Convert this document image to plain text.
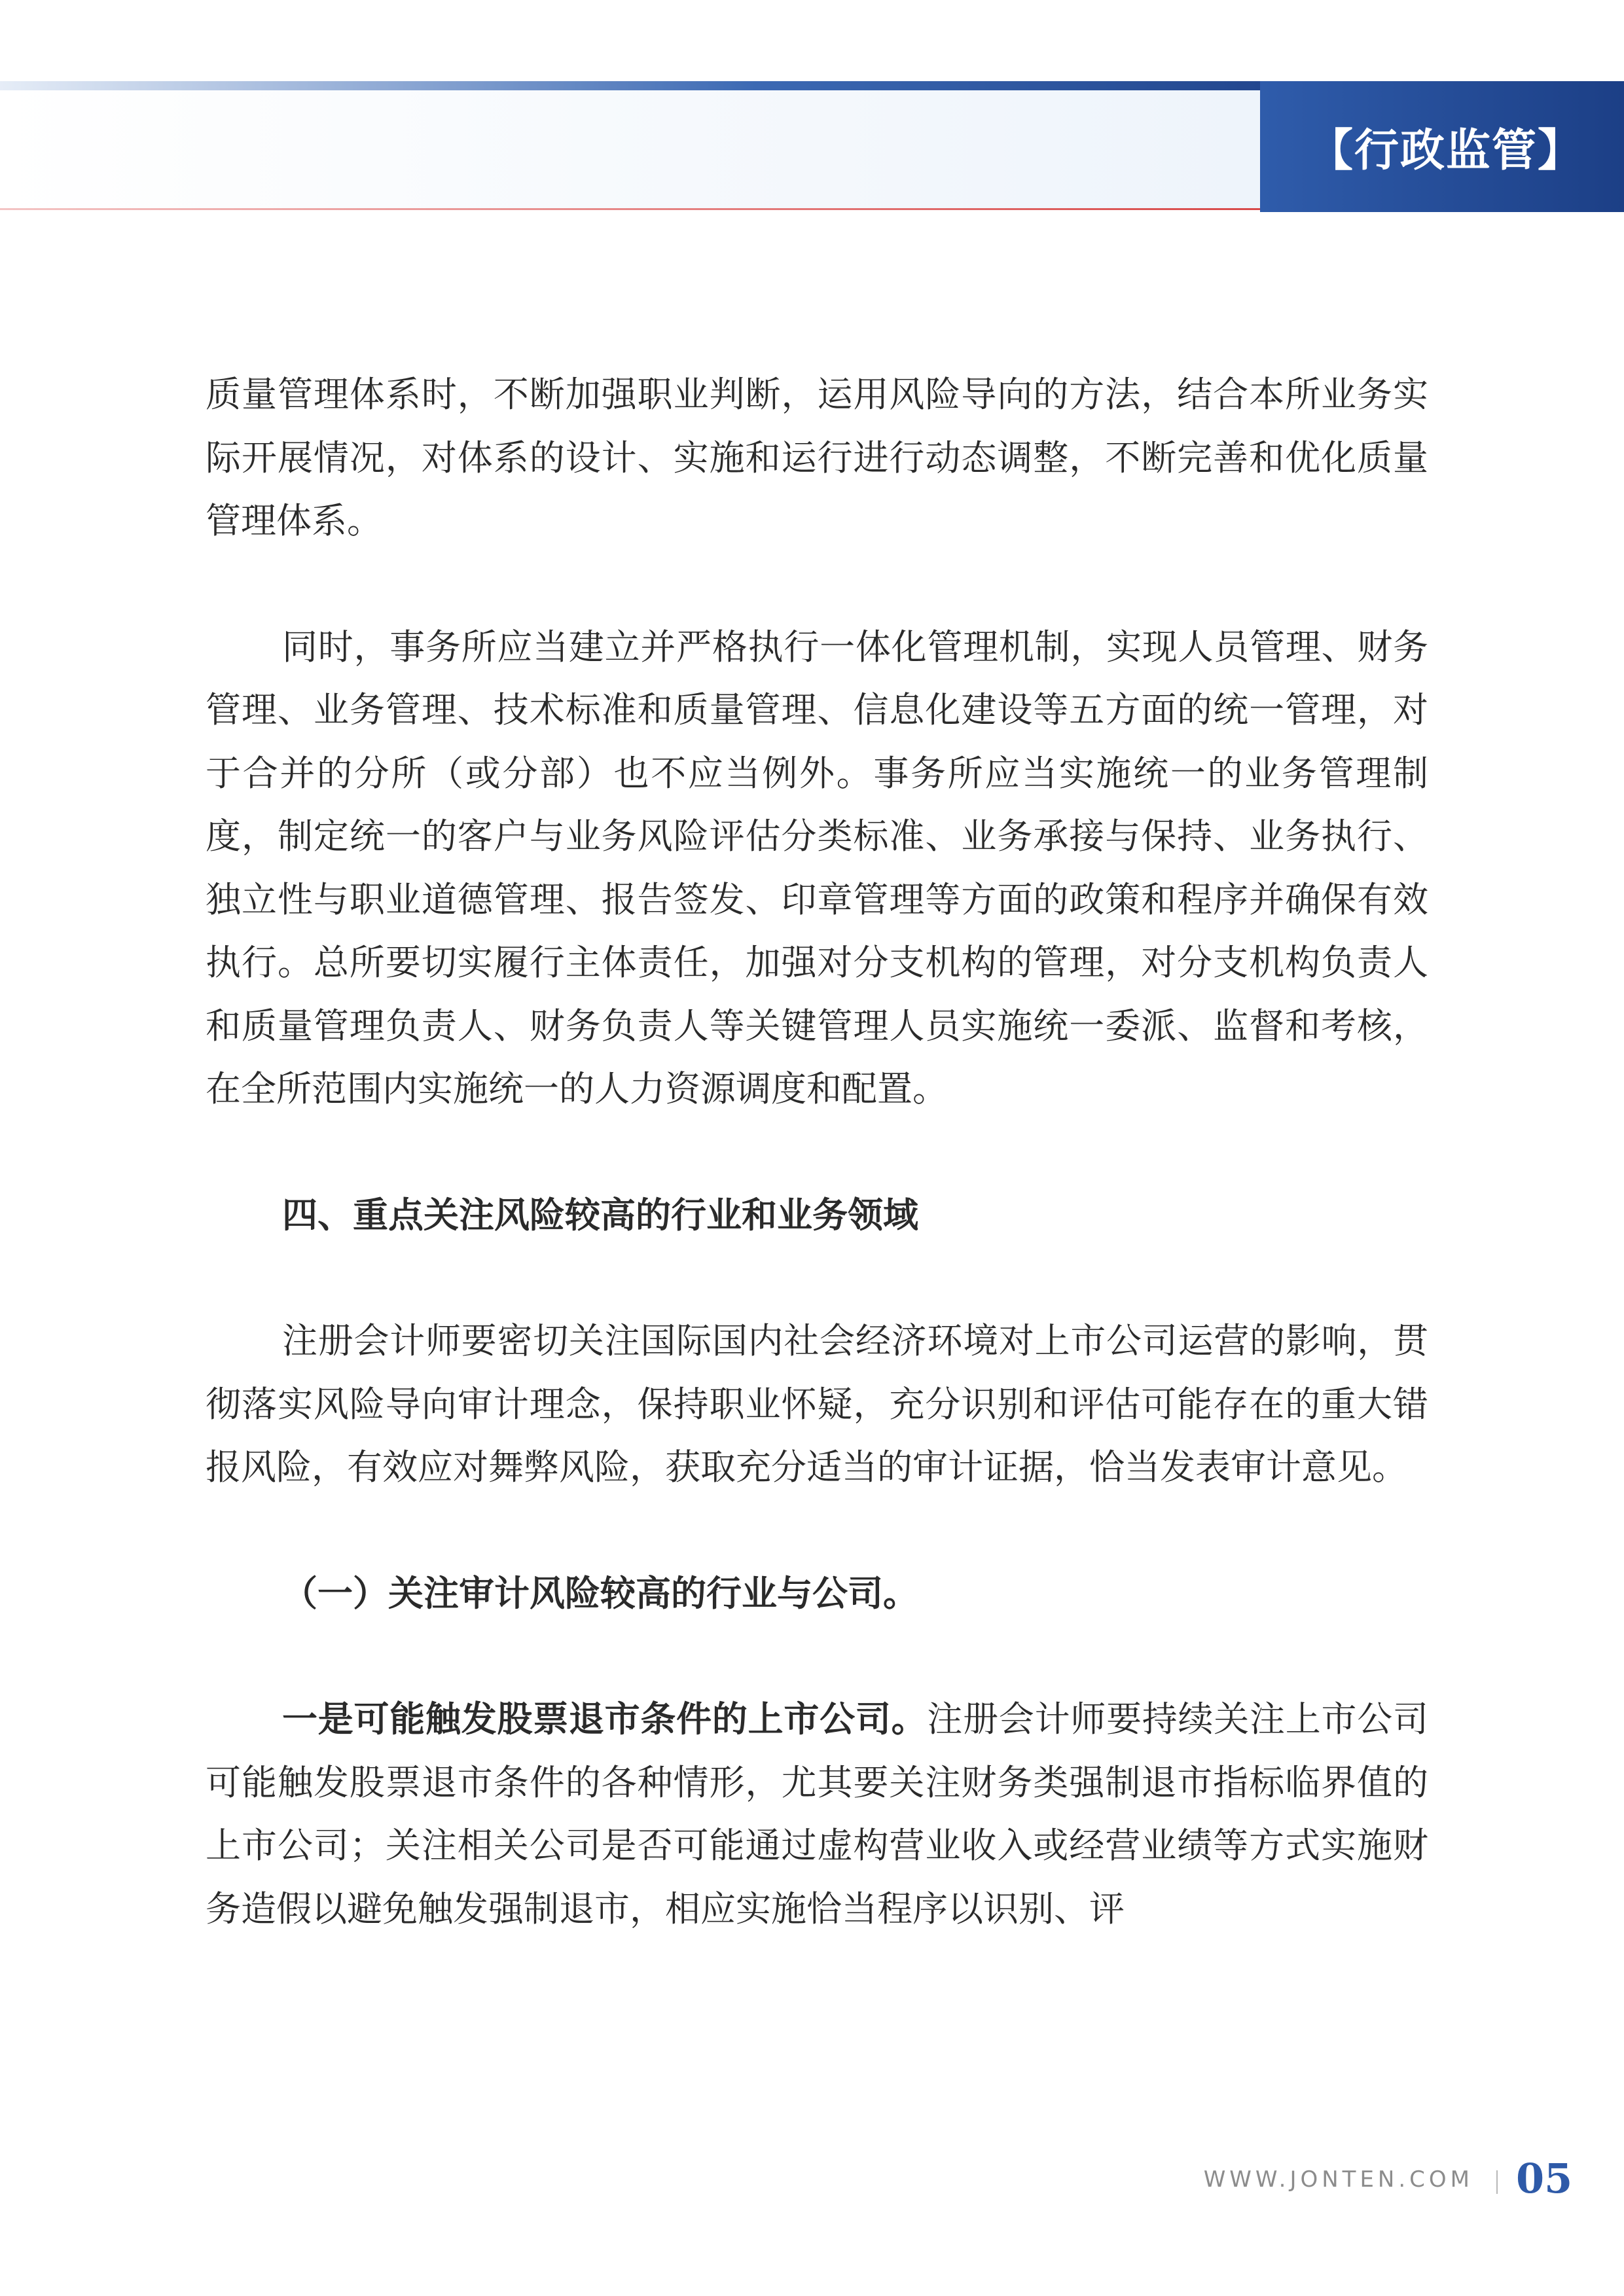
【行政监管】

质量管理体系时，不断加强职业判断，运用风险导向的方法，结合本所业务实际开展情况，对体系的设计、实施和运行进行动态调整，不断完善和优化质量管理体系。

同时，事务所应当建立并严格执行一体化管理机制，实现人员管理、财务管理、业务管理、技术标准和质量管理、信息化建设等五方面的统一管理，对于合并的分所（或分部）也不应当例外。事务所应当实施统一的业务管理制度，制定统一的客户与业务风险评估分类标准、业务承接与保持、业务执行、独立性与职业道德管理、报告签发、印章管理等方面的政策和程序并确保有效执行。总所要切实履行主体责任，加强对分支机构的管理，对分支机构负责人和质量管理负责人、财务负责人等关键管理人员实施统一委派、监督和考核，在全所范围内实施统一的人力资源调度和配置。

四、重点关注风险较高的行业和业务领域

注册会计师要密切关注国际国内社会经济环境对上市公司运营的影响，贯彻落实风险导向审计理念，保持职业怀疑，充分识别和评估可能存在的重大错报风险，有效应对舞弊风险，获取充分适当的审计证据，恰当发表审计意见。

（一）关注审计风险较高的行业与公司。

一是可能触发股票退市条件的上市公司。注册会计师要持续关注上市公司可能触发股票退市条件的各种情形，尤其要关注财务类强制退市指标临界值的上市公司；关注相关公司是否可能通过虚构营业收入或经营业绩等方式实施财务造假以避免触发强制退市，相应实施恰当程序以识别、评

WWW.JONTEN.COM 05
